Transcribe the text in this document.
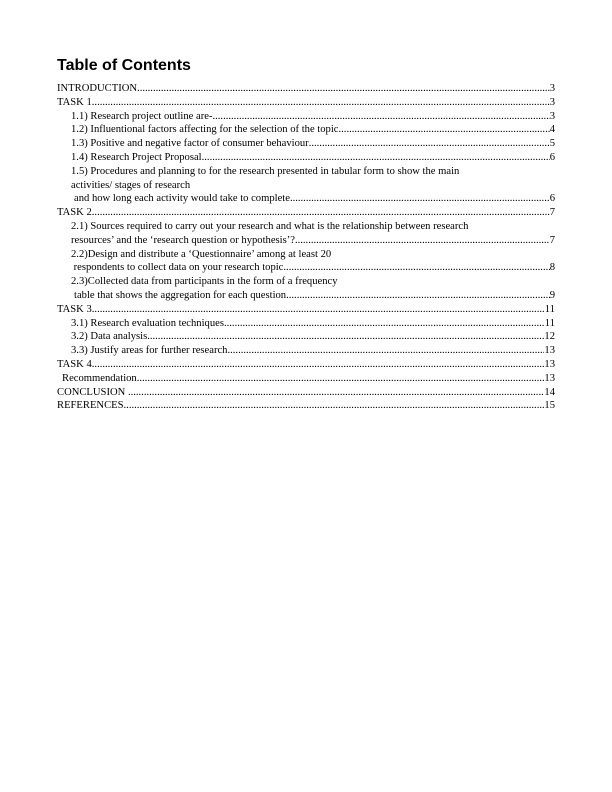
Table of Contents
INTRODUCTION .....	3
TASK 1 .....	3
1.1) Research project outline are- .....	3
1.2) Influentional factors affecting for the selection of the topic .....	4
1.3) Positive and negative factor of consumer behaviour .....	5
1.4) Research Project Proposal .....	6
1.5) Procedures and planning to for the research presented in tabular form to show the main
activities/ stages of research
and how long each activity would take to complete .....	6
TASK 2 .....	7
2.1) Sources required to carry out your research and what is the relationship between research
resources’ and the ‘research question or hypothesis’? .....	7
2.2)Design and distribute a ‘Questionnaire’ among at least 20
respondents to collect data on your research topic .....	8
2.3)Collected data from participants in the form of a frequency
table that shows the aggregation for each question .....	9
TASK 3 .....	11
3.1) Research evaluation techniques .....	11
3.2) Data analysis .....	12
3.3) Justify areas for further research .....	13
TASK 4 .....	13
Recommendation .....	13
CONCLUSION .....	14
REFERENCES .....	15
